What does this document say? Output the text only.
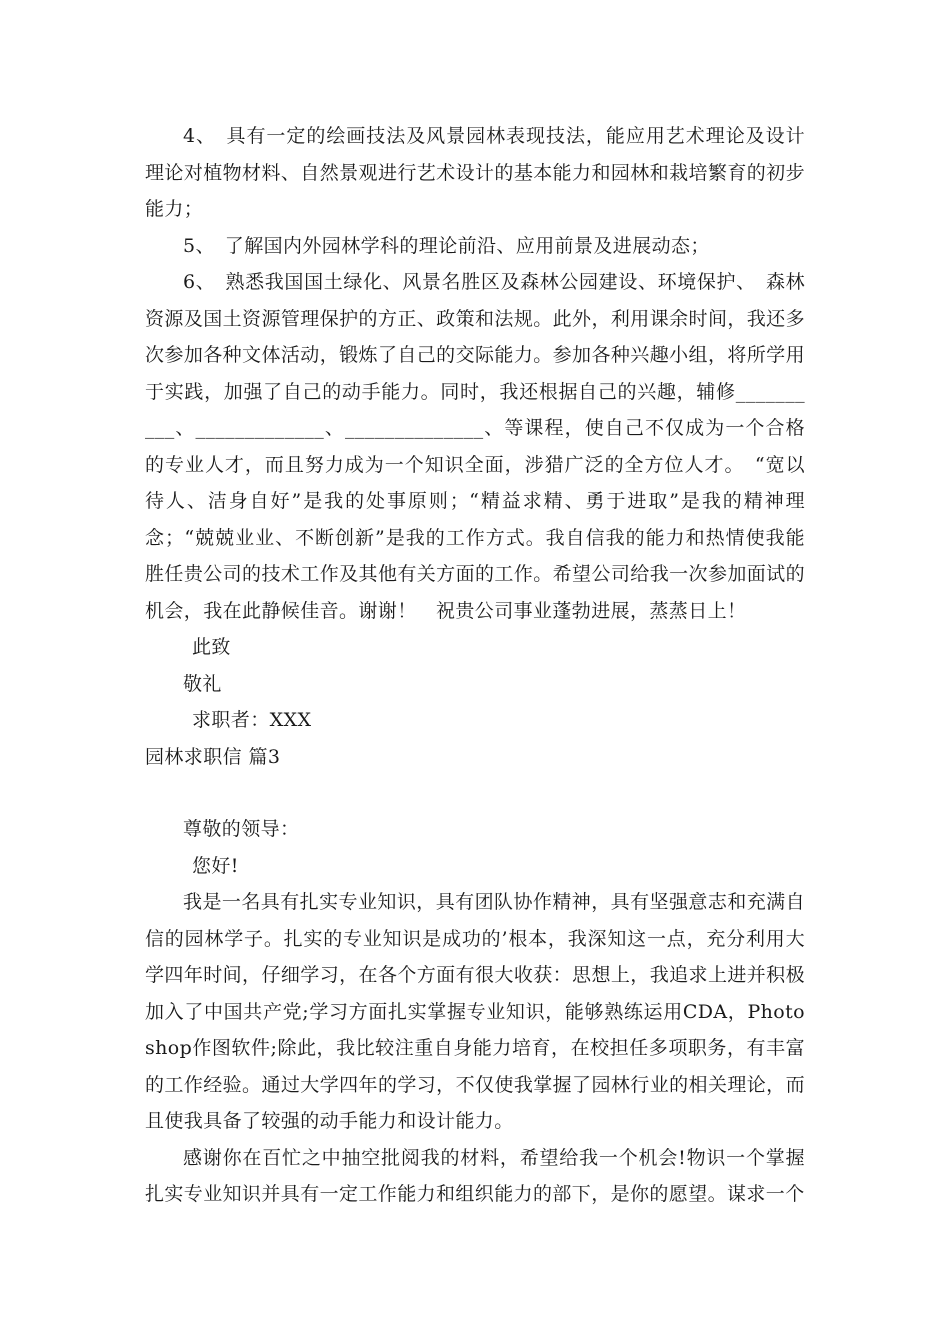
4、　具有一定的绘画技法及风景园林表现技法，能应用艺术理论及设计理论对植物材料、自然景观进行艺术设计的基本能力和园林和栽培繁育的初步能力；

5、　了解国内外园林学科的理论前沿、应用前景及进展动态；

6、　熟悉我国国土绿化、风景名胜区及森林公园建设、环境保护、　森林资源及国土资源管理保护的方正、政策和法规。此外，利用课余时间，我还多次参加各种文体活动，锻炼了自己的交际能力。参加各种兴趣小组，将所学用于实践，加强了自己的动手能力。同时，我还根据自己的兴趣，辅修__________、_____________、______________、等课程，使自己不仅成为一个合格的专业人才，而且努力成为一个知识全面，涉猎广泛的全方位人才。　“宽以待人、洁身自好”是我的处事原则；“精益求精、勇于进取”是我的精神理念；“兢兢业业、不断创新”是我的工作方式。我自信我的能力和热情使我能胜任贵公司的技术工作及其他有关方面的工作。希望公司给我一次参加面试的机会，我在此静候佳音。谢谢！　祝贵公司事业蓬勃进展，蒸蒸日上！

此致

敬礼

求职者：XXX

园林求职信 篇3

尊敬的领导：

您好!

我是一名具有扎实专业知识，具有团队协作精神，具有坚强意志和充满自信的园林学子。扎实的专业知识是成功的’根本，我深知这一点，充分利用大学四年时间，仔细学习，在各个方面有很大收获：思想上，我追求上进并积极加入了中国共产党;学习方面扎实掌握专业知识，能够熟练运用CDA，Photoshop作图软件;除此，我比较注重自身能力培育，在校担任多项职务，有丰富的工作经验。通过大学四年的学习，不仅使我掌握了园林行业的相关理论，而且使我具备了较强的动手能力和设计能力。

感谢你在百忙之中抽空批阅我的材料，希望给我一个机会!物识一个掌握扎实专业知识并具有一定工作能力和组织能力的部下，是你的愿望。谋求一个
